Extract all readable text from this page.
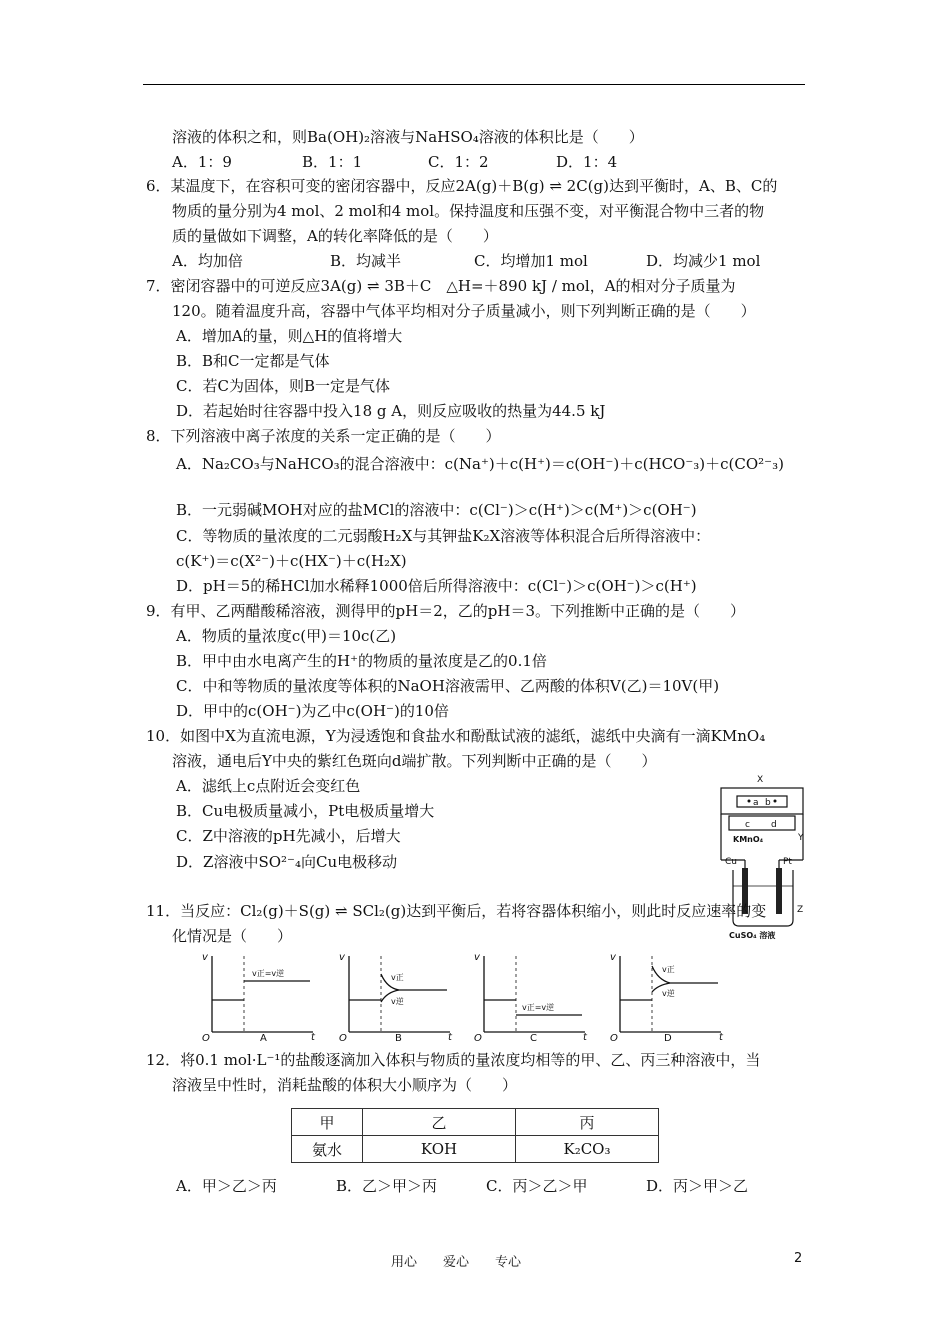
溶液的体积之和，则Ba(OH)₂溶液与NaHSO₄溶液的体积比是（　　）
A．1：9	B．1：1	C．1：2	D．1：4
6．某温度下，在容积可变的密闭容器中，反应2A(g)＋B(g) ⇌ 2C(g)达到平衡时，A、B、C的
物质的量分别为4 mol、2 mol和4 mol。保持温度和压强不变，对平衡混合物中三者的物
质的量做如下调整，A的转化率降低的是（　　）
A．均加倍	B．均减半	C．均增加1 mol	D．均减少1 mol
7．密闭容器中的可逆反应3A(g) ⇌ 3B＋C　△H=＋890 kJ / mol，A的相对分子质量为
120。随着温度升高，容器中气体平均相对分子质量减小，则下列判断正确的是（　　）
A．增加A的量，则△H的值将增大
B．B和C一定都是气体
C．若C为固体，则B一定是气体
D．若起始时往容器中投入18 g A，则反应吸收的热量为44.5 kJ
8．下列溶液中离子浓度的关系一定正确的是（　　）
A．Na₂CO₃与NaHCO₃的混合溶液中：c(Na⁺)＋c(H⁺)＝c(OH⁻)＋c(HCO⁻₃)＋c(CO²⁻₃)
B．一元弱碱MOH对应的盐MCl的溶液中：c(Cl⁻)＞c(H⁺)＞c(M⁺)＞c(OH⁻)
C．等物质的量浓度的二元弱酸H₂X与其钾盐K₂X溶液等体积混合后所得溶液中：
c(K⁺)＝c(X²⁻)＋c(HX⁻)＋c(H₂X)
D．pH＝5的稀HCl加水稀释1000倍后所得溶液中：c(Cl⁻)＞c(OH⁻)＞c(H⁺)
9．有甲、乙两醋酸稀溶液，测得甲的pH＝2，乙的pH＝3。下列推断中正确的是（　　）
A．物质的量浓度c(甲)＝10c(乙)
B．甲中由水电离产生的H⁺的物质的量浓度是乙的0.1倍
C．中和等物质的量浓度等体积的NaOH溶液需甲、乙两酸的体积V(乙)＝10V(甲)
D．甲中的c(OH⁻)为乙中c(OH⁻)的10倍
10．如图中X为直流电源，Y为浸透饱和食盐水和酚酞试液的滤纸，滤纸中央滴有一滴KMnO₄
溶液，通电后Y中央的紫红色斑向d端扩散。下列判断中正确的是（　　）
A．滤纸上c点附近会变红色
B．Cu电极质量减小，Pt电极质量增大
C．Z中溶液的pH先减小，后增大
D．Z溶液中SO²⁻₄向Cu电极移动
X
a b
c d
Y
KMnO₄
Cu	Pt
Z
CuSO₄ 溶液
11．当反应：Cl₂(g)＋S(g) ⇌ SCl₂(g)达到平衡后，若将容器体积缩小，则此时反应速率的变
化情况是（　　）
v
t
O
v正=v逆
A
v
t
O
v正
v逆
B
v
t
O
v正=v逆
C
v
t
O
v正
v逆
D
12．将0.1 mol·L⁻¹的盐酸逐滴加入体积与物质的量浓度均相等的甲、乙、丙三种溶液中，当
溶液呈中性时，消耗盐酸的体积大小顺序为（　　）
甲	乙	丙
氨水	KOH	K₂CO₃
A．甲＞乙＞丙	B．乙＞甲＞丙	C．丙＞乙＞甲	D．丙＞甲＞乙
用心　　爱心　　专心	2
